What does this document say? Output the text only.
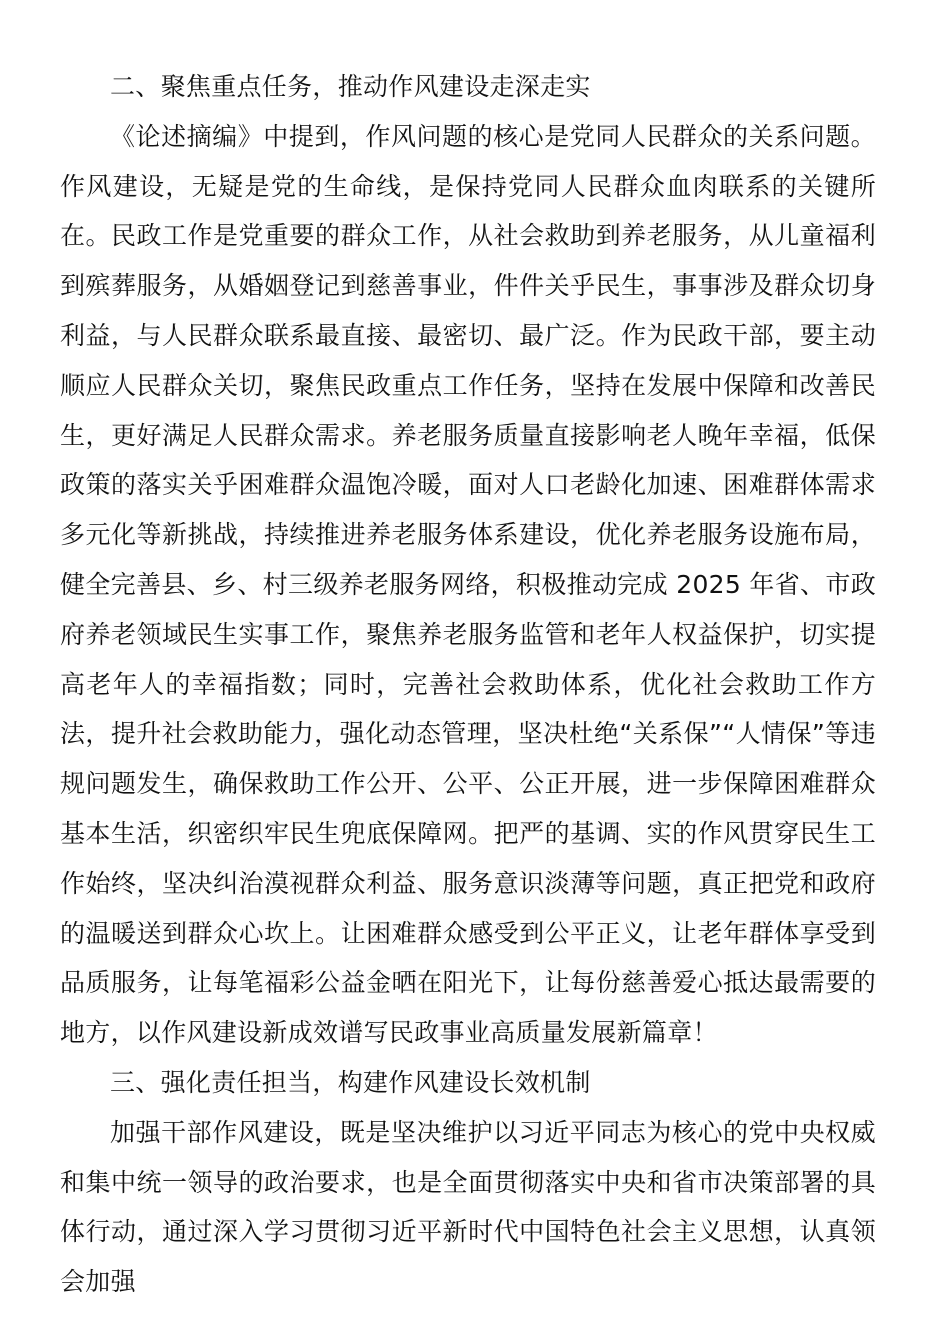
二、聚焦重点任务，推动作风建设走深走实

《论述摘编》中提到，作风问题的核心是党同人民群众的关系问题。作风建设，无疑是党的生命线，是保持党同人民群众血肉联系的关键所在。民政工作是党重要的群众工作，从社会救助到养老服务，从儿童福利到殡葬服务，从婚姻登记到慈善事业，件件关乎民生，事事涉及群众切身利益，与人民群众联系最直接、最密切、最广泛。作为民政干部，要主动顺应人民群众关切，聚焦民政重点工作任务，坚持在发展中保障和改善民生，更好满足人民群众需求。养老服务质量直接影响老人晚年幸福，低保政策的落实关乎困难群众温饱冷暖，面对人口老龄化加速、困难群体需求多元化等新挑战，持续推进养老服务体系建设，优化养老服务设施布局，健全完善县、乡、村三级养老服务网络，积极推动完成 2025 年省、市政府养老领域民生实事工作，聚焦养老服务监管和老年人权益保护，切实提高老年人的幸福指数；同时，完善社会救助体系，优化社会救助工作方法，提升社会救助能力，强化动态管理，坚决杜绝“关系保”“人情保”等违规问题发生，确保救助工作公开、公平、公正开展，进一步保障困难群众基本生活，织密织牢民生兜底保障网。把严的基调、实的作风贯穿民生工作始终，坚决纠治漠视群众利益、服务意识淡薄等问题，真正把党和政府的温暖送到群众心坎上。让困难群众感受到公平正义，让老年群体享受到品质服务，让每笔福彩公益金晒在阳光下，让每份慈善爱心抵达最需要的地方，以作风建设新成效谱写民政事业高质量发展新篇章！

三、强化责任担当，构建作风建设长效机制

加强干部作风建设，既是坚决维护以习近平同志为核心的党中央权威和集中统一领导的政治要求，也是全面贯彻落实中央和省市决策部署的具体行动，通过深入学习贯彻习近平新时代中国特色社会主义思想，认真领会加强
